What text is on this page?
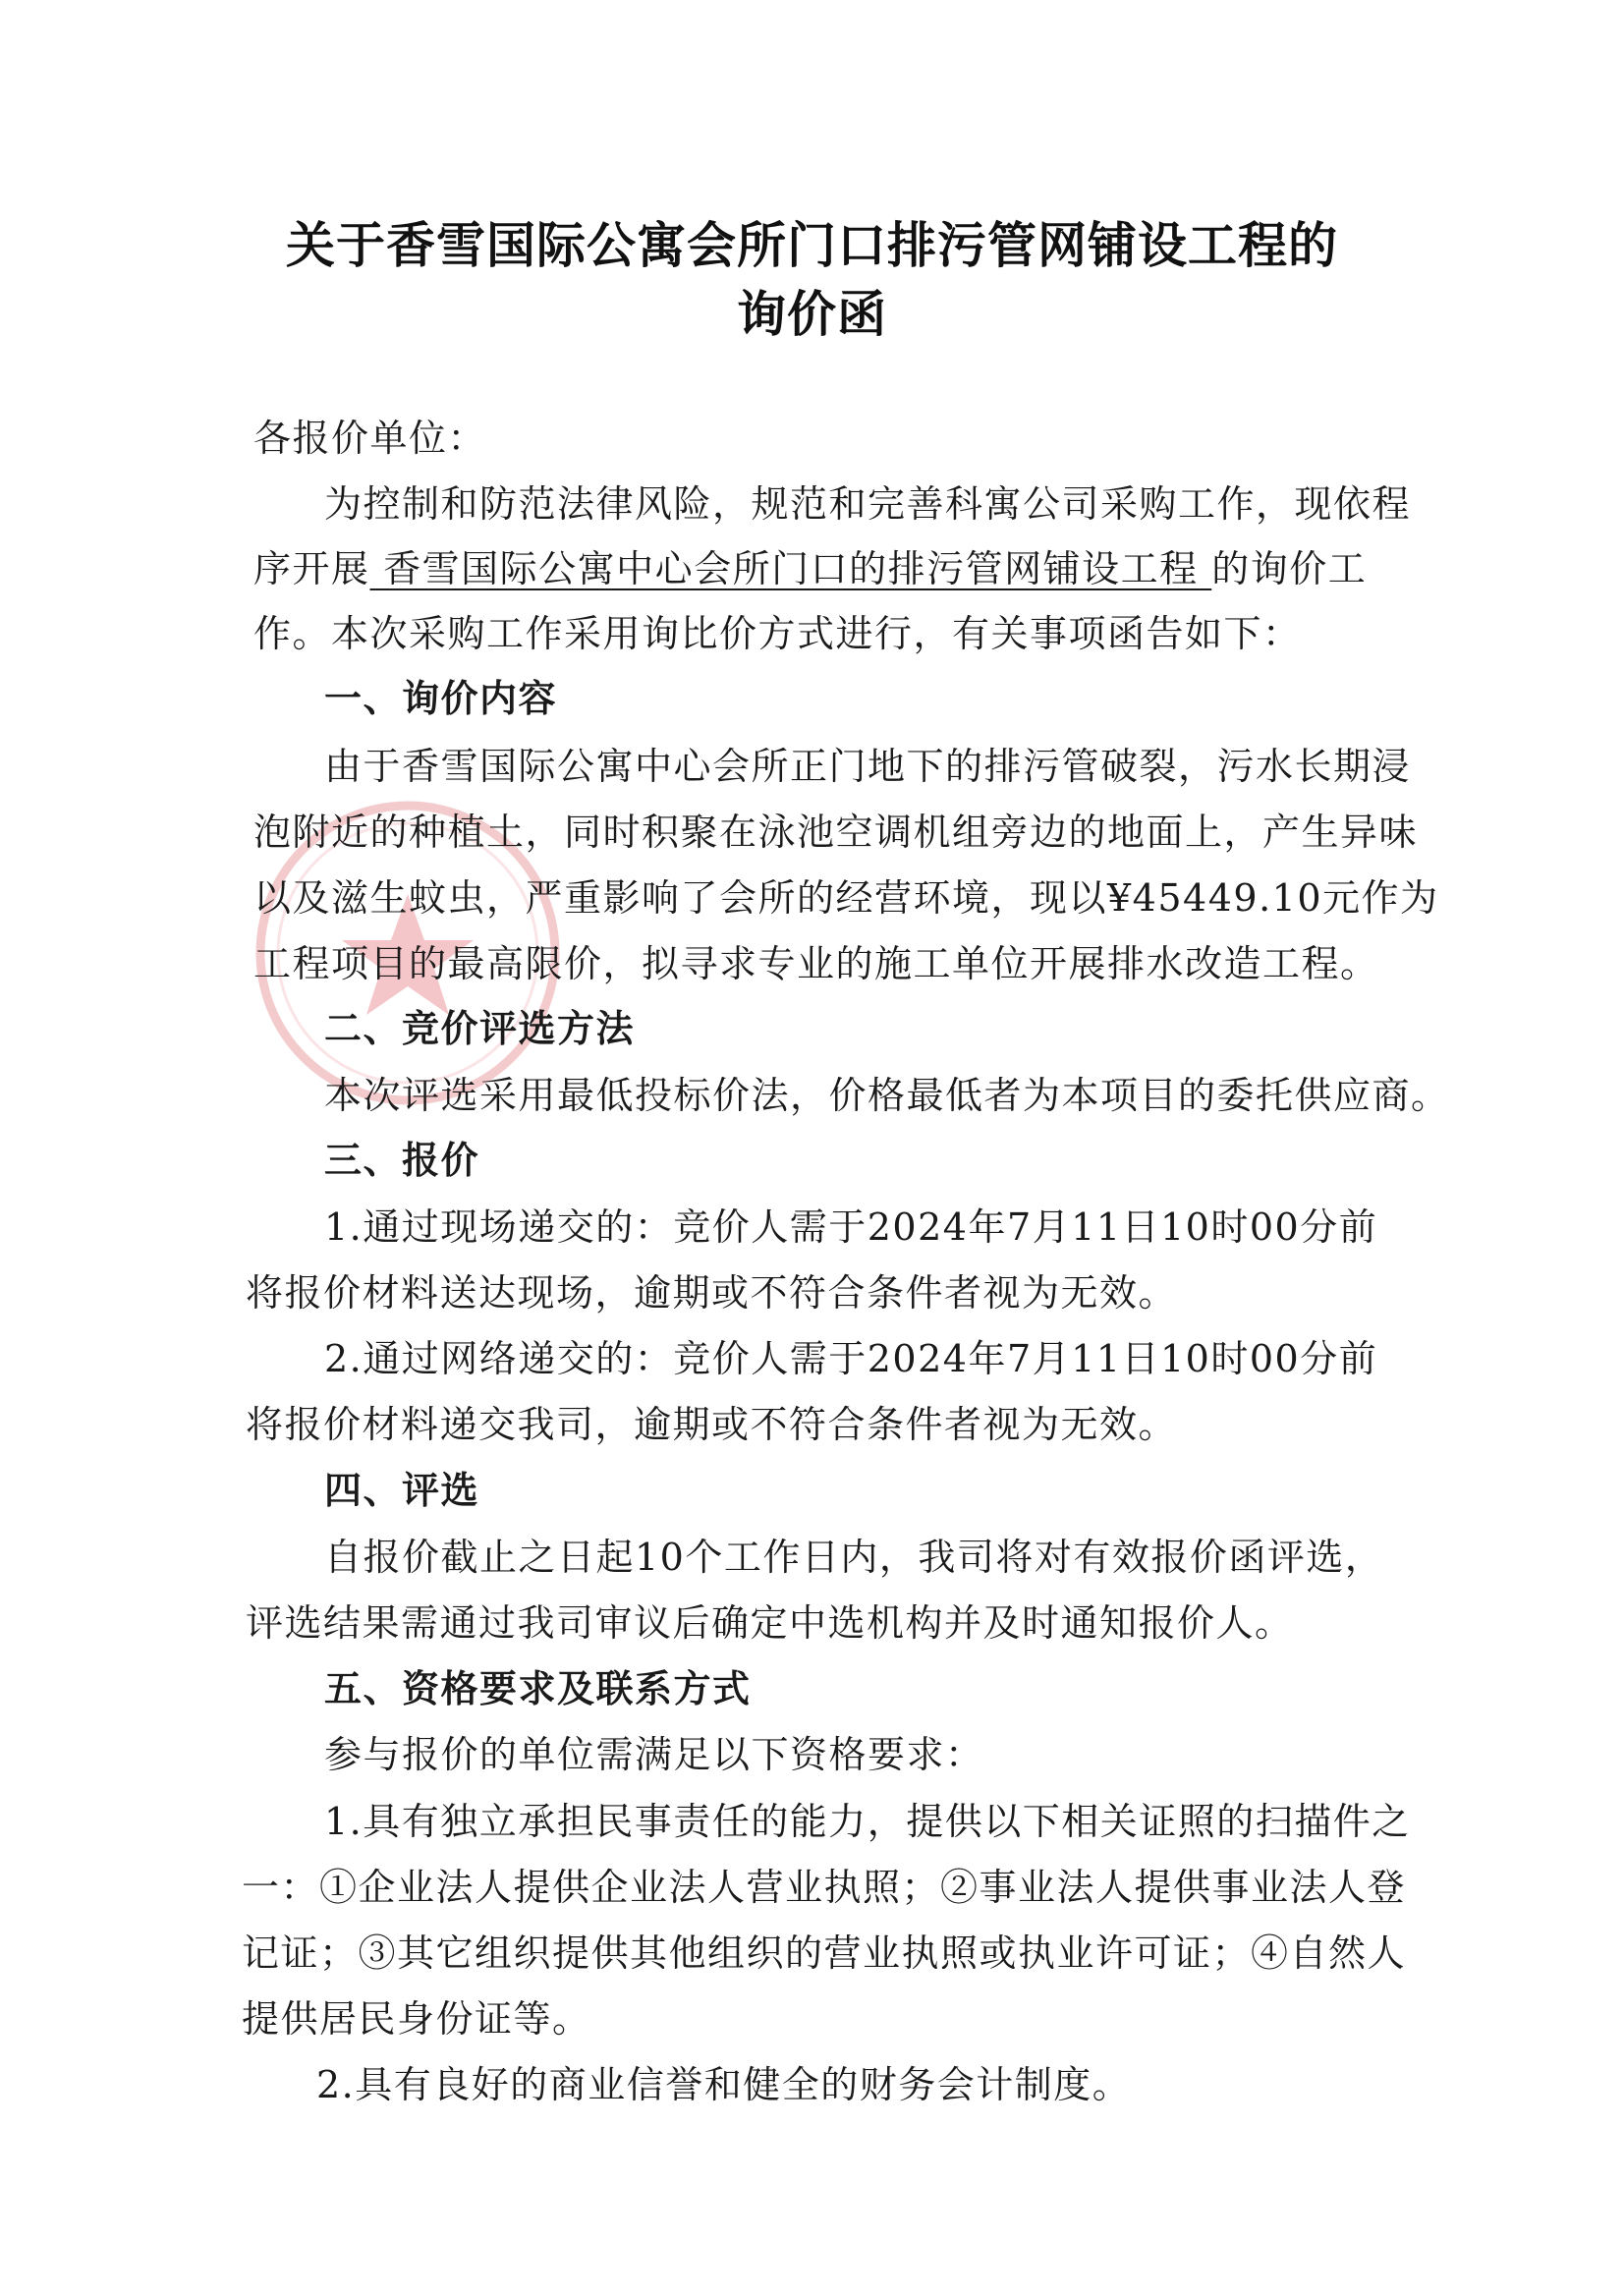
关于香雪国际公寓会所门口排污管网铺设工程的
询价函
各报价单位：
为控制和防范法律风险，规范和完善科寓公司采购工作，现依程
序开展 香雪国际公寓中心会所门口的排污管网铺设工程 的询价工
作。本次采购工作采用询比价方式进行，有关事项函告如下：
一、询价内容
由于香雪国际公寓中心会所正门地下的排污管破裂，污水长期浸
泡附近的种植土，同时积聚在泳池空调机组旁边的地面上，产生异味
以及滋生蚊虫，严重影响了会所的经营环境，现以¥45449.10元作为
工程项目的最高限价，拟寻求专业的施工单位开展排水改造工程。
二、竞价评选方法
本次评选采用最低投标价法，价格最低者为本项目的委托供应商。
三、报价
1.通过现场递交的：竞价人需于2024年7月11日10时00分前
将报价材料送达现场，逾期或不符合条件者视为无效。
2.通过网络递交的：竞价人需于2024年7月11日10时00分前
将报价材料递交我司，逾期或不符合条件者视为无效。
四、评选
自报价截止之日起10个工作日内，我司将对有效报价函评选，
评选结果需通过我司审议后确定中选机构并及时通知报价人。
五、资格要求及联系方式
参与报价的单位需满足以下资格要求：
1.具有独立承担民事责任的能力，提供以下相关证照的扫描件之
一：①企业法人提供企业法人营业执照；②事业法人提供事业法人登
记证；③其它组织提供其他组织的营业执照或执业许可证；④自然人
提供居民身份证等。
2.具有良好的商业信誉和健全的财务会计制度。
